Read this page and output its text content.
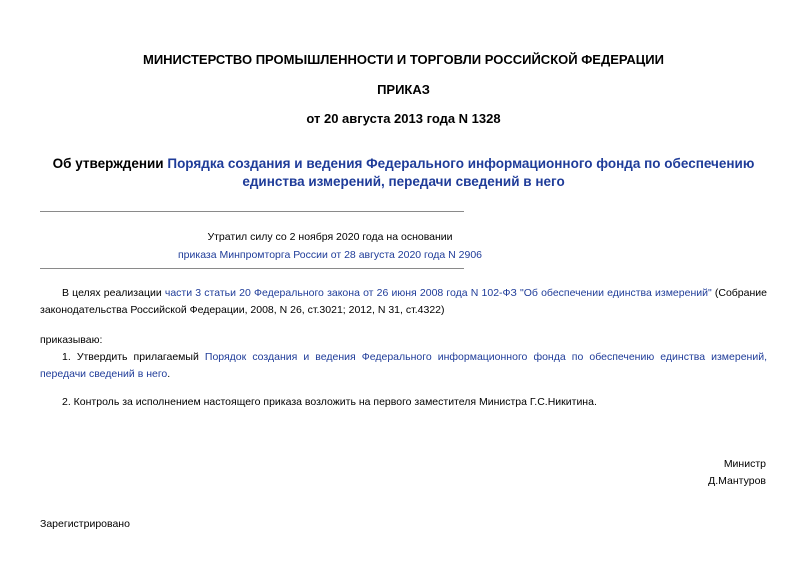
МИНИСТЕРСТВО ПРОМЫШЛЕННОСТИ И ТОРГОВЛИ РОССИЙСКОЙ ФЕДЕРАЦИИ
ПРИКАЗ
от 20 августа 2013 года N 1328
Об утверждении Порядка создания и ведения Федерального информационного фонда по обеспечению
единства измерений, передачи сведений в него
Утратил силу со 2 ноября 2020 года на основании
приказа Минпромторга России от 28 августа 2020 года N 2906
В целях реализации части 3 статьи 20 Федерального закона от 26 июня 2008 года N 102-ФЗ "Об обеспечении единства измерений" (Собрание законодательства Российской Федерации, 2008, N 26, ст.3021; 2012, N 31, ст.4322)
приказываю:
1. Утвердить прилагаемый Порядок создания и ведения Федерального информационного фонда по обеспечению единства измерений, передачи сведений в него.
2. Контроль за исполнением настоящего приказа возложить на первого заместителя Министра Г.С.Никитина.
Министр
Д.Мантуров
Зарегистрировано
